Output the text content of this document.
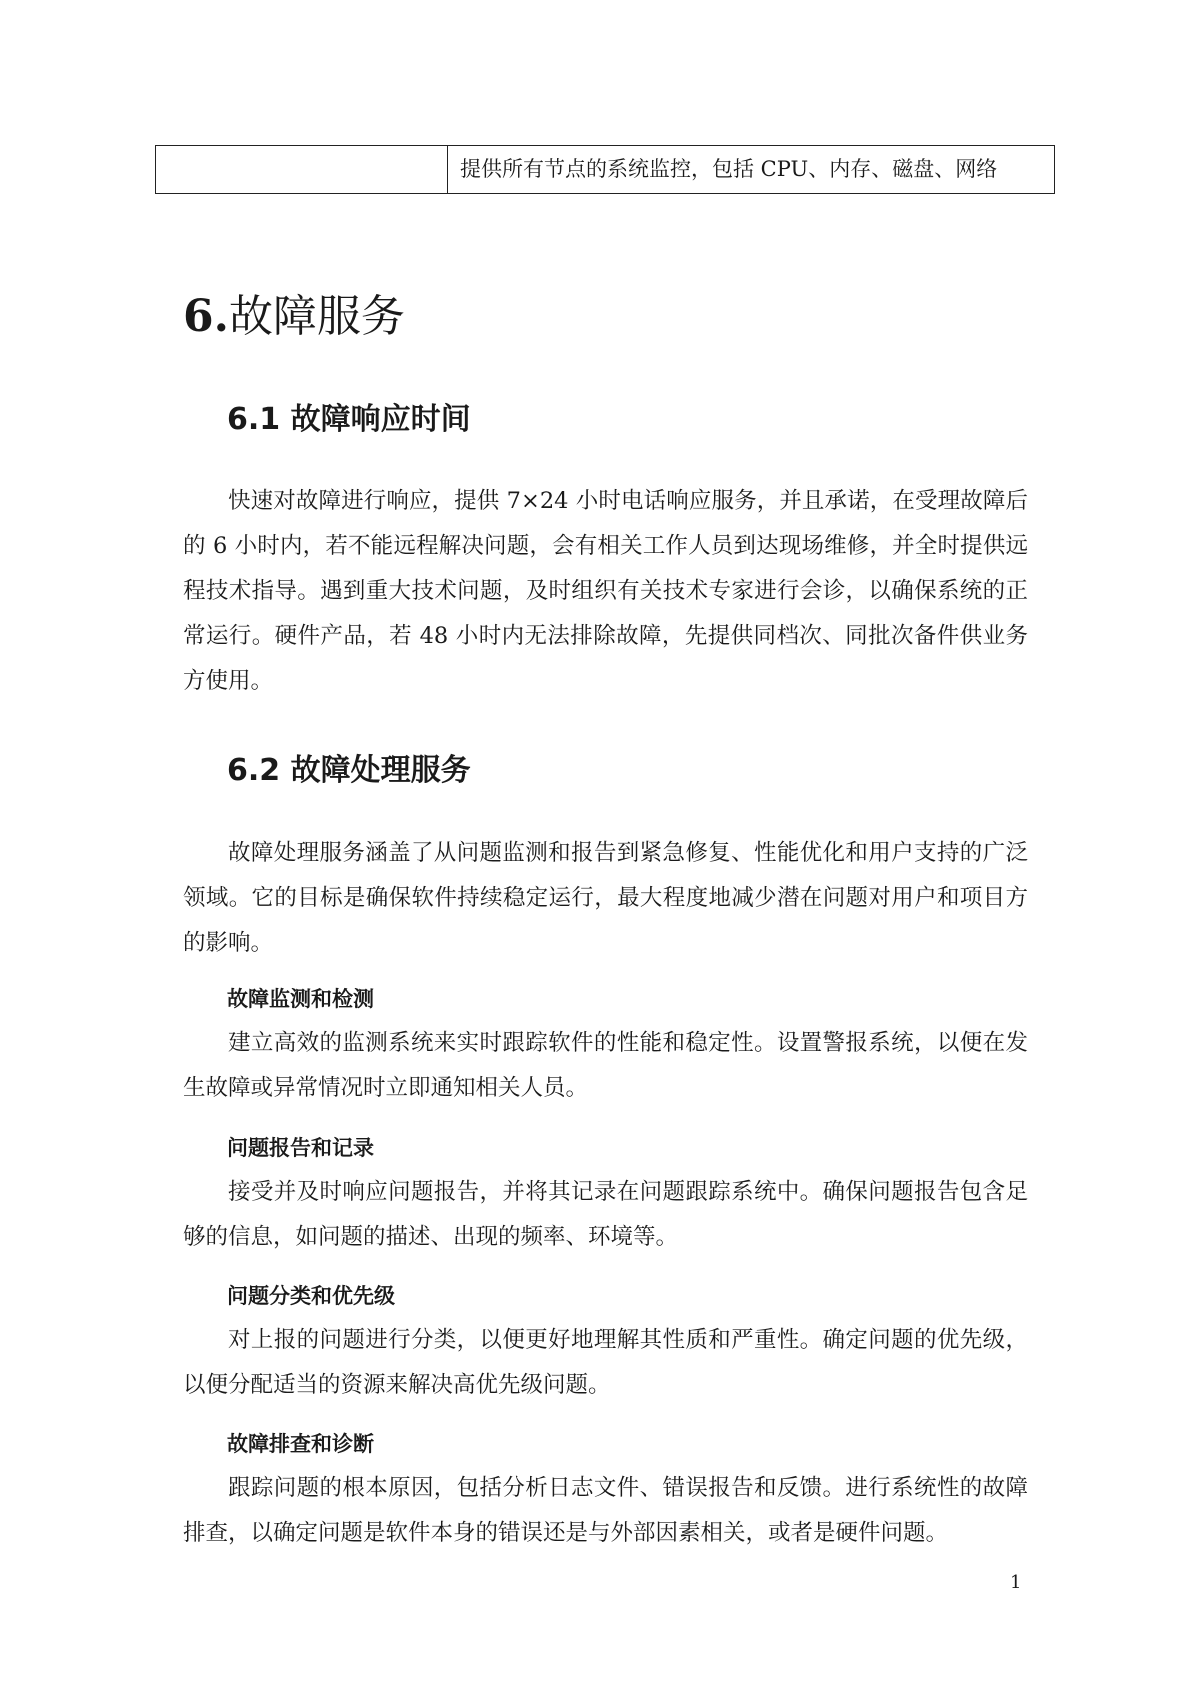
提供所有节点的系统监控，包括 CPU、内存、磁盘、网络
6.故障服务
6.1 故障响应时间

快速对故障进行响应，提供 7×24 小时电话响应服务，并且承诺，在受理故障后的 6 小时内，若不能远程解决问题，会有相关工作人员到达现场维修，并全时提供远程技术指导。遇到重大技术问题，及时组织有关技术专家进行会诊，以确保系统的正常运行。硬件产品，若 48 小时内无法排除故障，先提供同档次、同批次备件供业务方使用。

6.2 故障处理服务

故障处理服务涵盖了从问题监测和报告到紧急修复、性能优化和用户支持的广泛领域。它的目标是确保软件持续稳定运行，最大程度地减少潜在问题对用户和项目方的影响。

故障监测和检测

建立高效的监测系统来实时跟踪软件的性能和稳定性。设置警报系统，以便在发生故障或异常情况时立即通知相关人员。

问题报告和记录

接受并及时响应问题报告，并将其记录在问题跟踪系统中。确保问题报告包含足够的信息，如问题的描述、出现的频率、环境等。

问题分类和优先级

对上报的问题进行分类，以便更好地理解其性质和严重性。确定问题的优先级，以便分配适当的资源来解决高优先级问题。

故障排查和诊断

跟踪问题的根本原因，包括分析日志文件、错误报告和反馈。进行系统性的故障排查，以确定问题是软件本身的错误还是与外部因素相关，或者是硬件问题。

1
